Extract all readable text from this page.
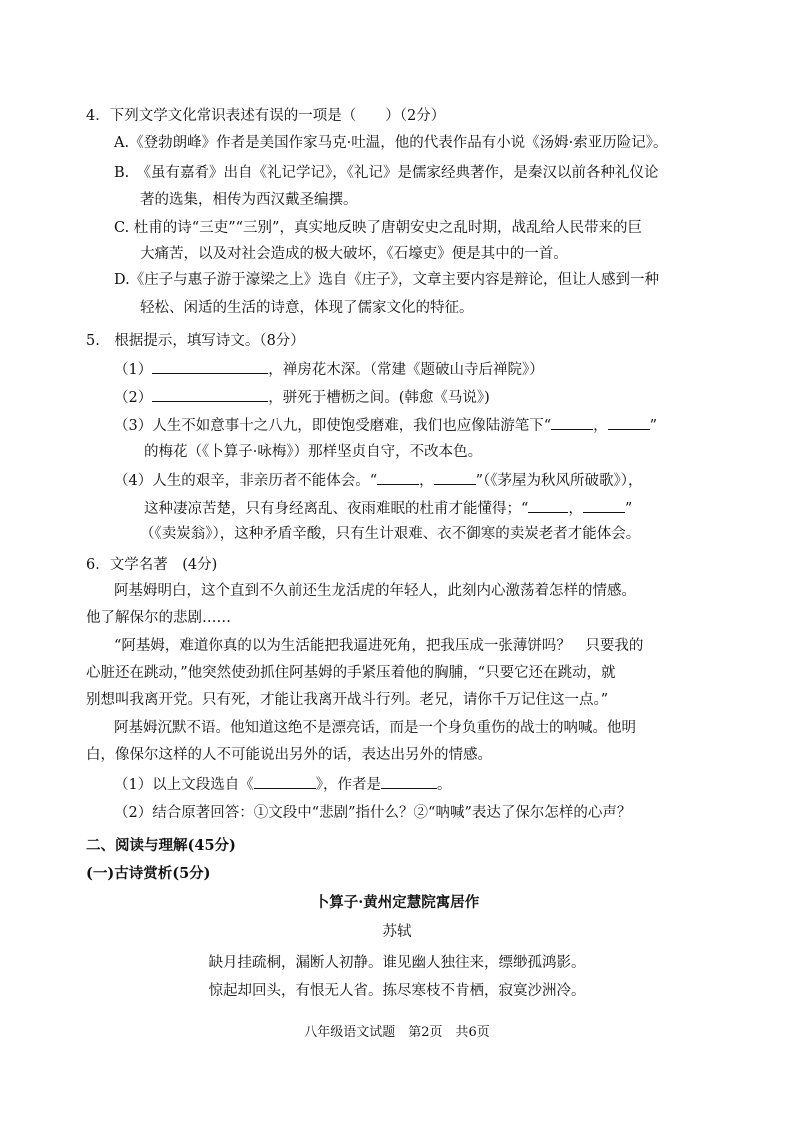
4．下列文学文化常识表述有误的一项是（　　）（2分）
A.《登勃朗峰》作者是美国作家马克·吐温，他的代表作品有小说《汤姆·索亚历险记》。
B.　《虽有嘉肴》出自《礼记学记》，《礼记》是儒家经典著作，是秦汉以前各种礼仪论
著的选集，相传为西汉戴圣编撰。
C. 杜甫的诗“三吏”“三别”，真实地反映了唐朝安史之乱时期，战乱给人民带来的巨
大痛苦，以及对社会造成的极大破坏，《石壕吏》便是其中的一首。
D.《庄子与惠子游于濠梁之上》选自《庄子》，文章主要内容是辩论，但让人感到一种
轻松、闲适的生活的诗意，体现了儒家文化的特征。
5.　根据提示，填写诗文。（8分）
（1）	，禅房花木深。（常建《题破山寺后禅院》）
（2）	，骈死于槽枥之间。(韩愈《马说》)
（3）人生不如意事十之八九，即使饱受磨难，我们也应像陆游笔下“	，	”
的梅花（《卜算子·咏梅》）那样坚贞自守，不改本色。
（4）人生的艰辛，非亲历者不能体会。“	，	”（《茅屋为秋风所破歌》），
这种凄凉苦楚，只有身经离乱、夜雨难眠的杜甫才能懂得；“	，	”
（《卖炭翁》），这种矛盾辛酸，只有生计艰难、衣不御寒的卖炭老者才能体会。
6．文学名著　(4分)
阿基姆明白，这个直到不久前还生龙活虎的年轻人，此刻内心激荡着怎样的情感。
他了解保尔的悲剧……
“阿基姆，难道你真的以为生活能把我逼进死角，把我压成一张薄饼吗？　只要我的
心脏还在跳动，”他突然使劲抓住阿基姆的手紧压着他的胸脯，“只要它还在跳动，就
别想叫我离开党。只有死，才能让我离开战斗行列。老兄，请你千万记住这一点。”
阿基姆沉默不语。他知道这绝不是漂亮话，而是一个身负重伤的战士的呐喊。他明
白，像保尔这样的人不可能说出另外的话，表达出另外的情感。
（1）以上文段选自《	》，作者是	。
（2）结合原著回答：①文段中“悲剧”指什么？②“呐喊”表达了保尔怎样的心声？
二、阅读与理解(45分)
(一)古诗赏析(5分)
卜算子·黄州定慧院寓居作
苏轼
缺月挂疏桐，漏断人初静。谁见幽人独往来，缥缈孤鸿影。
惊起却回头，有恨无人省。拣尽寒枝不肯栖，寂寞沙洲冷。
八年级语文试题　第2页　共6页
